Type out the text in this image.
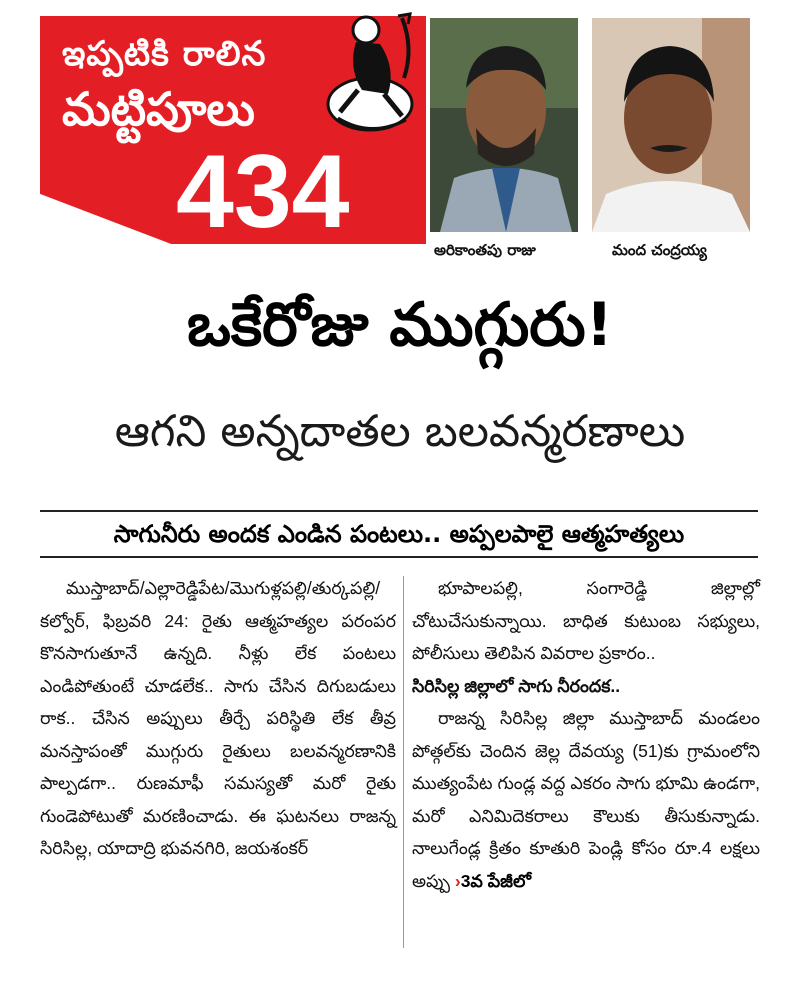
ఇప్పటికి రాలిన
మట్టిపూలు
434	అరికాంతపు రాజు	మంద చంద్రయ్య
ఒకేరోజు ముగ్గురు!
ఆగని అన్నదాతల బలవన్మరణాలు
సాగునీరు అందక ఎండిన పంటలు.. అప్పలపాలై ఆత్మహత్యలు

ముస్తాబాద్/ఎల్లారెడ్డిపేట/మొగుళ్లపల్లి/తుర్కపల్లి/కల్వోర్, ఫిబ్రవరి 24: రైతు ఆత్మహత్యల పరంపర కొనసాగుతూనే ఉన్నది. నీళ్లు లేక పంటలు ఎండిపోతుంటే చూడలేక.. సాగు చేసిన దిగుబడులు రాక.. చేసిన అప్పులు తీర్చే పరిస్థితి లేక తీవ్ర మనస్తాపంతో ముగ్గురు రైతులు బలవన్మరణానికి పాల్పడగా.. రుణమాఫీ సమస్యతో మరో రైతు గుండెపోటుతో మరణించాడు. ఈ ఘటనలు రాజన్న సిరిసిల్ల, యాదాద్రి భువనగిరి, జయశంకర్

భూపాలపల్లి, సంగారెడ్డి జిల్లాల్లో చోటుచేసుకున్నాయి. బాధిత కుటుంబ సభ్యులు, పోలీసులు తెలిపిన వివరాల ప్రకారం..

సిరిసిల్ల జిల్లాలో సాగు నీరందక..

రాజన్న సిరిసిల్ల జిల్లా ముస్తాబాద్ మండలం పోత్గల్‌కు చెందిన జెల్ల దేవయ్య (51)కు గ్రామంలోని ముత్యంపేట గుండ్ల వద్ద ఎకరం సాగు భూమి ఉండగా, మరో ఎనిమిదెకరాలు కౌలుకు తీసుకున్నాడు. నాలుగేండ్ల క్రితం కూతురి పెండ్లి కోసం రూ.4 లక్షలు అప్పు ›3వ పేజీలో
